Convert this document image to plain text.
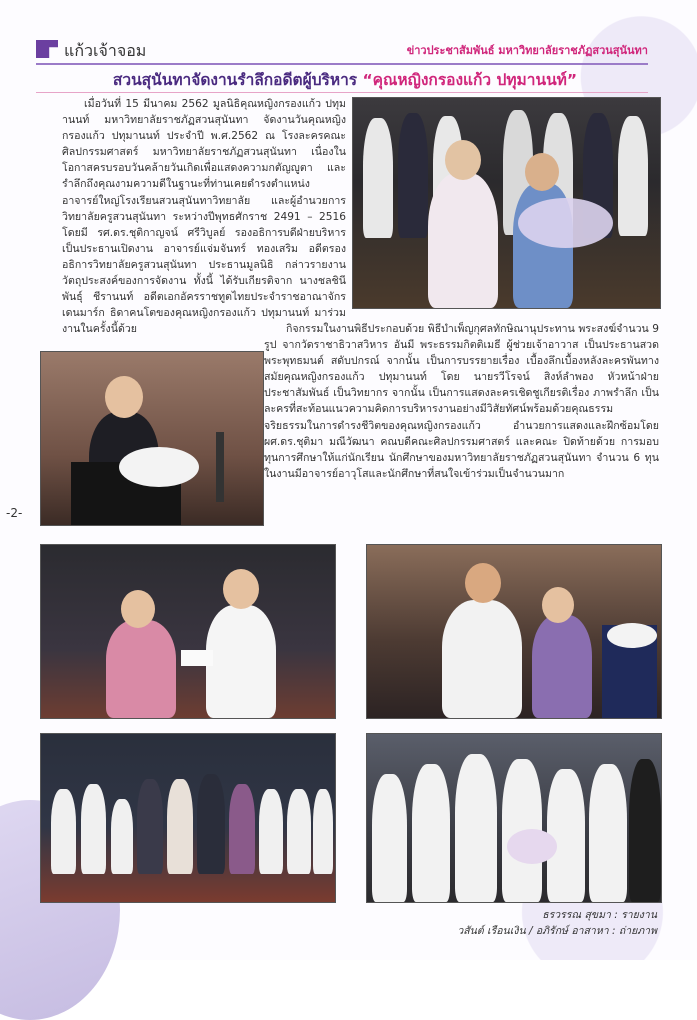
แก้วเจ้าจอม	ข่าวประชาสัมพันธ์ มหาวิทยาลัยราชภัฏสวนสุนันทา
สวนสุนันทาจัดงานรำลึกอดีตผู้บริหาร “คุณหญิงกรองแก้ว ปทุมานนท์”
เมื่อวันที่ 15 มีนาคม 2562 มูลนิธิคุณหญิงกรองแก้ว ปทุมานนท์ มหาวิทยาลัยราชภัฏสวนสุนันทา จัดงานวันคุณหญิงกรองแก้ว ปทุมานนท์ ประจำปี พ.ศ.2562 ณ โรงละครคณะศิลปกรรมศาสตร์ มหาวิทยาลัยราชภัฏสวนสุนันทา เนื่องในโอกาสครบรอบวันคล้ายวันเกิดเพื่อแสดงความกตัญญูตา และรำลึกถึงคุณงามความดีในฐานะที่ท่านเคยดำรงตำแหน่งอาจารย์ใหญ่โรงเรียนสวนสุนันทาวิทยาลัย และผู้อำนวยการวิทยาลัยครูสวนสุนันทา ระหว่างปีพุทธศักราช 2491 – 2516 โดยมี รศ.ดร.ชุติกาญจน์ ศรีวิบูลย์ รองอธิการบดีฝ่ายบริหาร เป็นประธานเปิดงาน อาจารย์แจ่มจันทร์ ทองเสริม อดีตรองอธิการวิทยาลัยครูสวนสุนันทา ประธานมูลนิธิ กล่าวรายงานวัตถุประสงค์ของการจัดงาน ทั้งนี้ ได้รับเกียรติจาก นางชลชินีพันธุ์ ชีรานนท์ อดีตเอกอัครราชทูตไทยประจำราชอาณาจักรเดนมาร์ก ธิดาคนโตของคุณหญิงกรองแก้ว ปทุมานนท์ มาร่วมงานในครั้งนี้ด้วย	กิจกรรมในงานพิธีประกอบด้วย พิธีบำเพ็ญกุศลทักษิณานุประทาน พระสงฆ์จำนวน 9 รูป จากวัดราชาธิวาสวิหาร อันมี พระธรรมกิตติเมธี ผู้ช่วยเจ้าอาวาส เป็นประธานสวดพระพุทธมนต์ สดับปกรณ์ จากนั้น เป็นการบรรยายเรื่อง เบื้องลึกเบื้องหลังละครพันทาง สมัยคุณหญิงกรองแก้ว ปทุมานนท์ โดย นายรวีโรจน์ สิงห์ลำพอง หัวหน้าฝ่ายประชาสัมพันธ์ เป็นวิทยากร จากนั้น เป็นการแสดงละครเชิดชูเกียรติเรื่อง ภาพรำลึก เป็นละครที่สะท้อนแนวความคิดการบริหารงานอย่างมีวิสัยทัศน์พร้อมด้วยคุณธรรม จริยธรรมในการดำรงชีวิตของคุณหญิงกรองแก้ว อำนวยการแสดงและฝึกซ้อมโดย ผศ.ดร.ชุติมา มณีวัฒนา คณบดีคณะศิลปกรรมศาสตร์ และคณะ ปิดท้ายด้วย การมอบทุนการศึกษาให้แก่นักเรียน นักศึกษาของมหาวิทยาลัยราชภัฏสวนสุนันทา จำนวน 6 ทุน ในงานมีอาจารย์อาวุโสและนักศึกษาที่สนใจเข้าร่วมเป็นจำนวนมาก
-2-
ธรวรรณ สุขมา : รายงาน
วสันต์ เรือนเงิน / อภิรักษ์ อาสาหา : ถ่ายภาพ
